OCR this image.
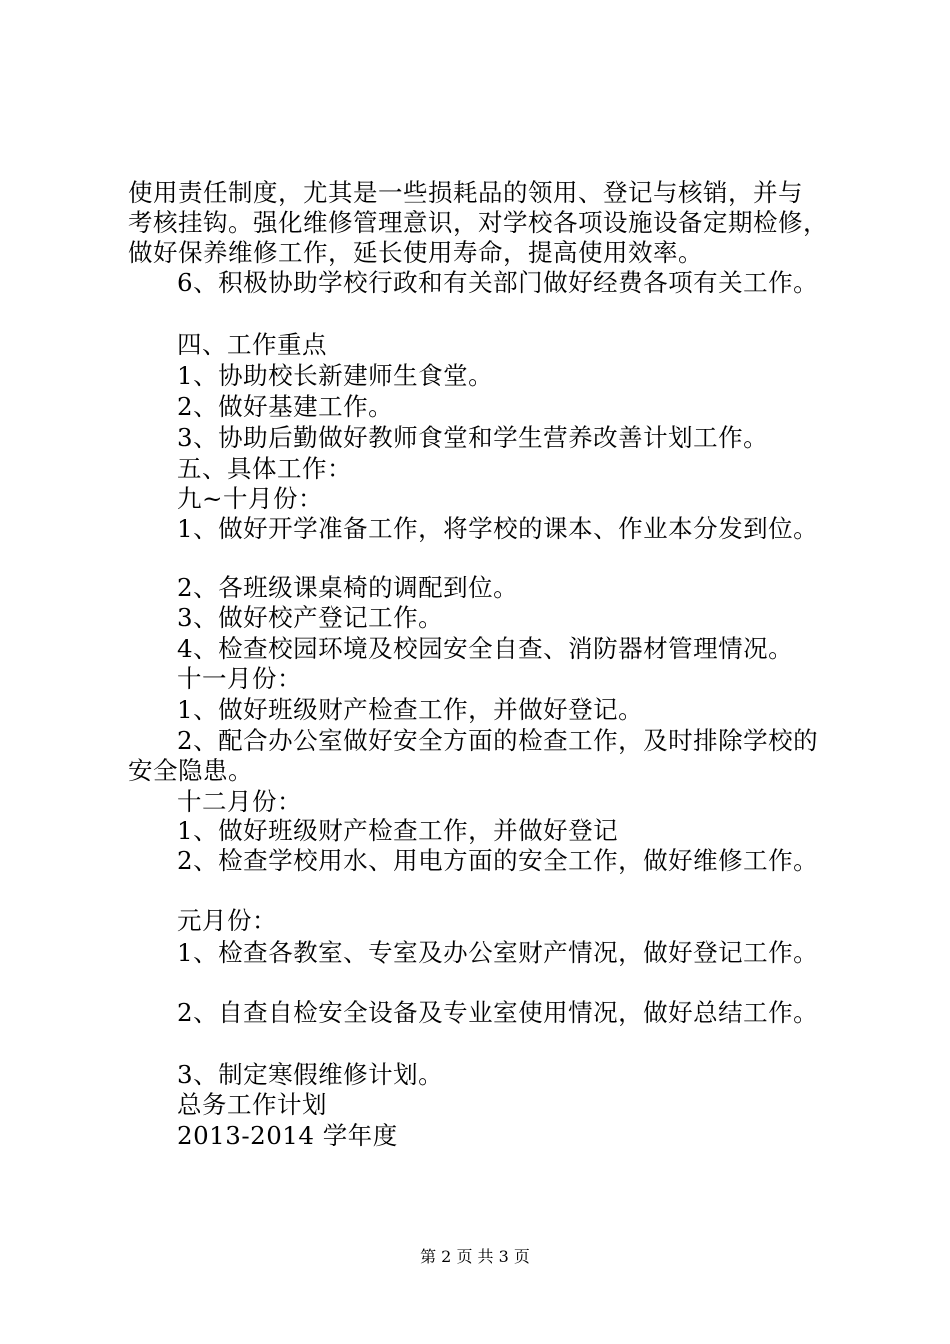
使用责任制度，尤其是一些损耗品的领用、登记与核销，并与
考核挂钩。强化维修管理意识，对学校各项设施设备定期检修，
做好保养维修工作，延长使用寿命，提高使用效率。
6、积极协助学校行政和有关部门做好经费各项有关工作。
四、工作重点
1、协助校长新建师生食堂。
2、做好基建工作。
3、协助后勤做好教师食堂和学生营养改善计划工作。
五、具体工作：
九~十月份：
1、做好开学准备工作，将学校的课本、作业本分发到位。
2、各班级课桌椅的调配到位。
3、做好校产登记工作。
4、检查校园环境及校园安全自查、消防器材管理情况。
十一月份：
1、做好班级财产检查工作，并做好登记。
2、配合办公室做好安全方面的检查工作，及时排除学校的
安全隐患。
十二月份：
1、做好班级财产检查工作，并做好登记
2、检查学校用水、用电方面的安全工作，做好维修工作。
元月份：
1、检查各教室、专室及办公室财产情况，做好登记工作。
2、自查自检安全设备及专业室使用情况，做好总结工作。
3、制定寒假维修计划。
总务工作计划
2013-2014 学年度
第 2 页 共 3 页
